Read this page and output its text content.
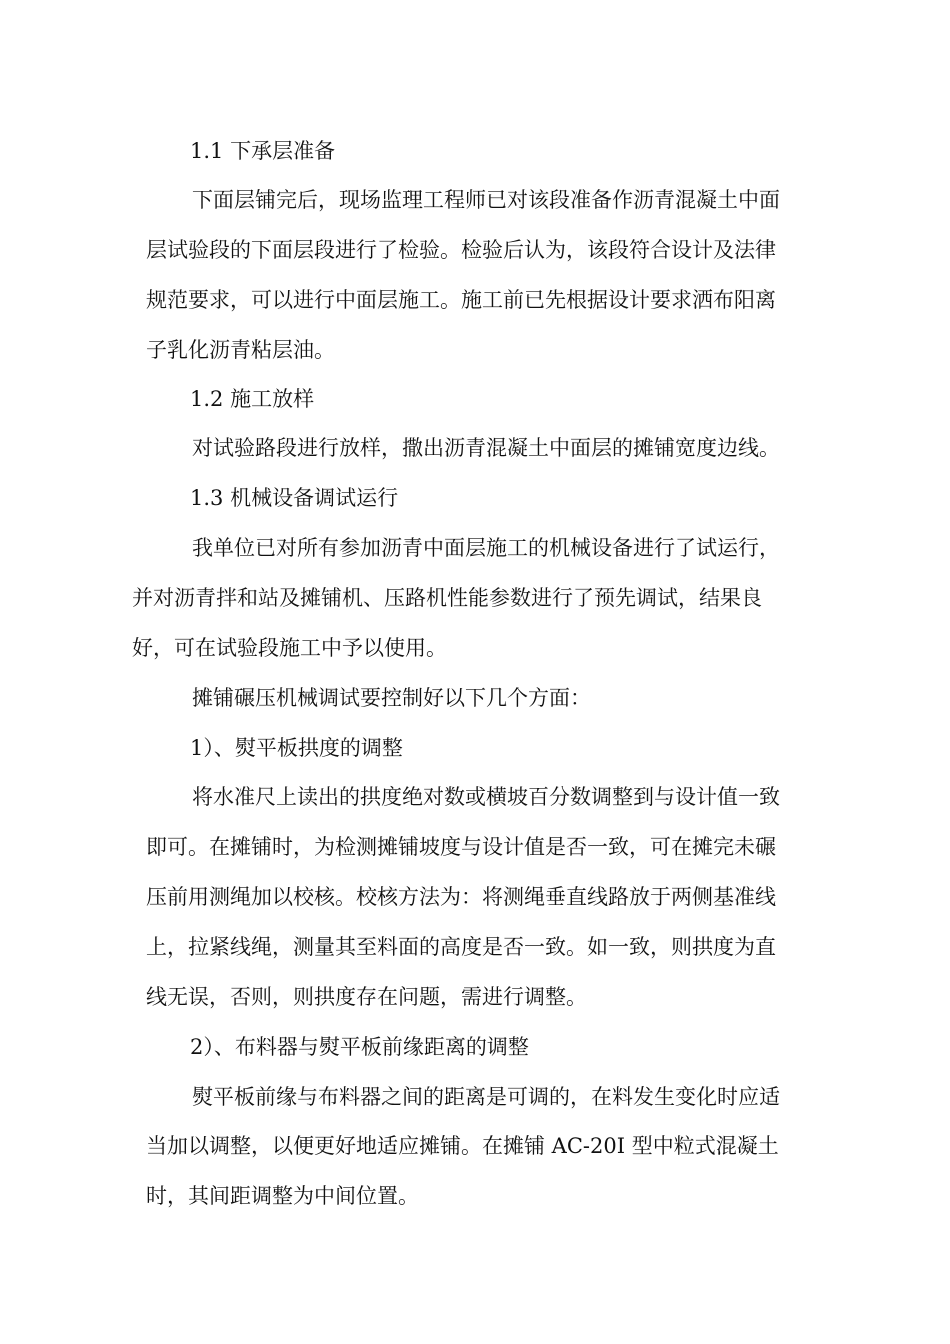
1.1 下承层准备
下面层铺完后，现场监理工程师已对该段准备作沥青混凝土中面
层试验段的下面层段进行了检验。检验后认为，该段符合设计及法律
规范要求，可以进行中面层施工。施工前已先根据设计要求洒布阳离
子乳化沥青粘层油。
1.2 施工放样
对试验路段进行放样，撒出沥青混凝土中面层的摊铺宽度边线。
1.3 机械设备调试运行
我单位已对所有参加沥青中面层施工的机械设备进行了试运行，
并对沥青拌和站及摊铺机、压路机性能参数进行了预先调试，结果良
好，可在试验段施工中予以使用。
摊铺碾压机械调试要控制好以下几个方面：
1）、熨平板拱度的调整
将水准尺上读出的拱度绝对数或横坡百分数调整到与设计值一致
即可。在摊铺时，为检测摊铺坡度与设计值是否一致，可在摊完未碾
压前用测绳加以校核。校核方法为：将测绳垂直线路放于两侧基准线
上，拉紧线绳，测量其至料面的高度是否一致。如一致，则拱度为直
线无误，否则，则拱度存在问题，需进行调整。
2）、布料器与熨平板前缘距离的调整
熨平板前缘与布料器之间的距离是可调的，在料发生变化时应适
当加以调整，以便更好地适应摊铺。在摊铺 AC-20I 型中粒式混凝土
时，其间距调整为中间位置。
